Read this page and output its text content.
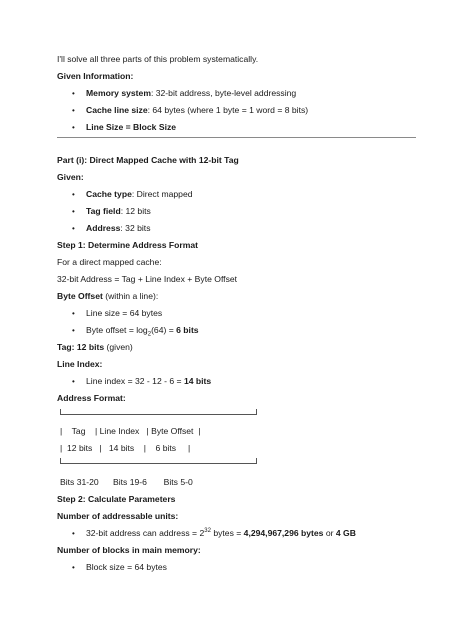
I'll solve all three parts of this problem systematically.
Given Information:
• Memory system: 32-bit address, byte-level addressing
• Cache line size: 64 bytes (where 1 byte = 1 word = 8 bits)
• Line Size = Block Size
Part (i): Direct Mapped Cache with 12-bit Tag
Given:
• Cache type: Direct mapped
• Tag field: 12 bits
• Address: 32 bits
Step 1: Determine Address Format
For a direct mapped cache:
32-bit Address = Tag + Line Index + Byte Offset
Byte Offset (within a line):
• Line size = 64 bytes
• Byte offset = $\log_2(64) = 6$ bits
Tag: 12 bits (given)
Line Index:
• Line index = 32 - 12 - 6 = 14 bits
Address Format:
|    Tag    | Line Index   | Byte Offset  |
|  12 bits   |   14 bits    |    6 bits     |
Bits 31-20      Bits 19-6       Bits 5-0
Step 2: Calculate Parameters
Number of addressable units:
• 32-bit address can address = $2^{32}$ bytes = 4,294,967,296 bytes or 4 GB
Number of blocks in main memory:
• Block size = 64 bytes
